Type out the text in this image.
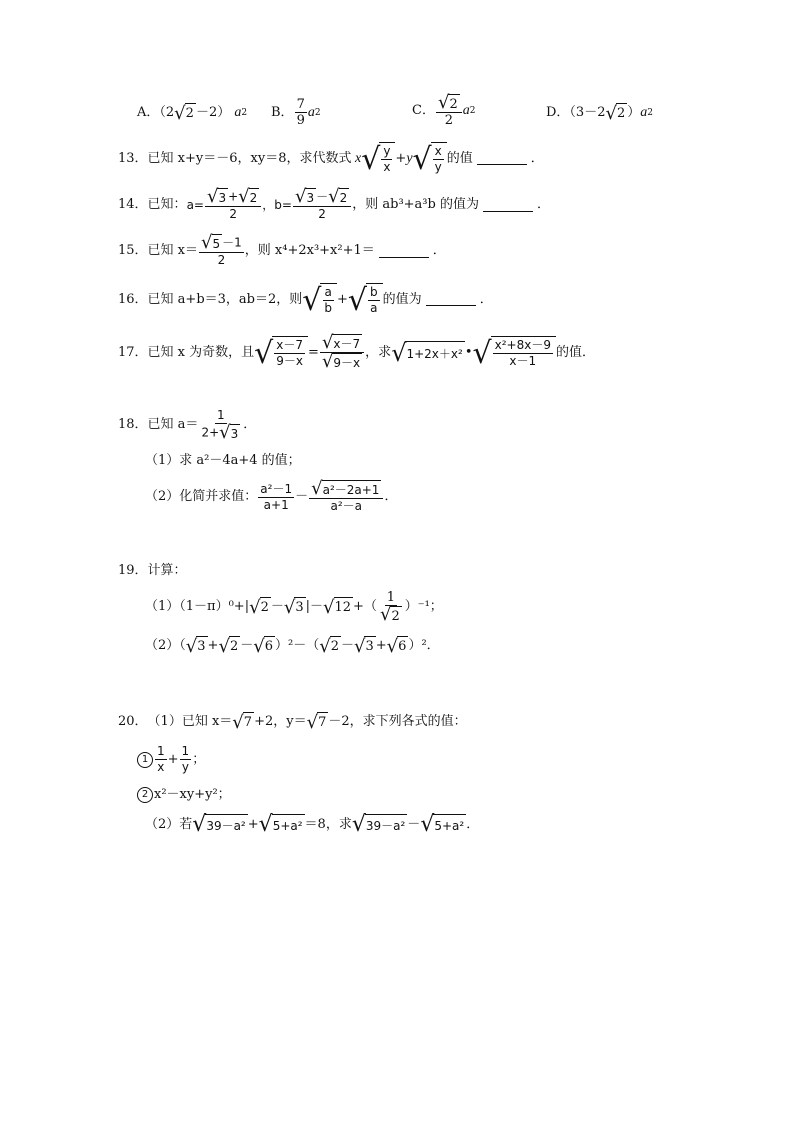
A．（2 √ 2 －2）
a 2 B． $\frac{7}{9}$ a 2	C． $\frac{√ 2}{2}$ a 2	D．（3－2 √ 2 ） a 2
13． 已知 x+y＝－6，xy＝8，求代数式 x √ $\frac{y}{x} + y$ √ $\frac{x}{y}$ 的值	．
14． 已知： $a= \frac{√ 3 + √ 2}{2}$ ，$b= \frac{√ 3 - √ 2}{2}$ ，则 ab³+a³b 的值为	．
15． 已知 $x= \frac{√ 5 -1}{2}$ ，则 x⁴+2x³+x²+1＝	．
16． 已知 a+b＝3，ab＝2，则 √ $\frac{a}{b}$ + √ $\frac{b}{a}$ 的值为	．
17． 已知 x 为奇数，且 √ $\frac{x-7}{9-x} = \frac{√ x-7}{√ 9-x}$ ，求 √ 1+2x＋x² • √ $\frac{\text{x²+8x－9}}{x-1}$ 的值．
18． 已知 $a= \frac{1}{2+ √ 3}$ ．
（1）求 a²－4a+4 的值；
（2）化简并求值： $\frac{\text{a²－1}}{a+1} - \frac{\text{√ a²－2a+1}}{\text{a²－a}}$ ．
19． 计算：
（1）（1－π）⁰+| √ 2 － √ 3 |－ √ 12 +（ $\frac{1}{√ 2} )^{-1}$；
（2）（ √ 3 + √ 2 － √ 6 ）²－（ √ 2 － √ 3 + √ 6 ）²．
20． （1）已知 x＝ √ 7 +2，y＝ √ 7 －2，求下列各式的值：
$1 \frac{1}{x} + \frac{1}{y}$ ；
2 x²－xy+y²；
（2）若 √ 39－a² + √ 5+a² ＝8，求 √ 39－a² － √ 5+a² ．
